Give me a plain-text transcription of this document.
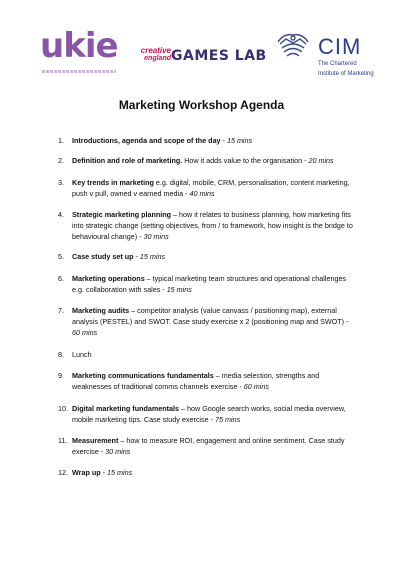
ukie	creative
england GAMES LAB CIM
The Chartered
Institute of Marketing
Marketing Workshop Agenda
1.	Introductions, agenda and scope of the day - 15 mins
2.	Definition and role of marketing. How it adds value to the organisation - 20 mins
3.	Key trends in marketing e.g. digital, mobile, CRM, personalisation, content marketing, push v pull, owned v earned media - 40 mins
4.	Strategic marketing planning – how it relates to business planning, how marketing fits into strategic change (setting objectives, from / to framework, how insight is the bridge to behavioural change) - 30 mins
5.	Case study set up - 15 mins
6.	Marketing operations – typical marketing team structures and operational challenges e.g. collaboration with sales - 15 mins
7.	Marketing audits – competitor analysis (value canvass / positioning map), external analysis (PESTEL) and SWOT. Case study exercise x 2 (positioning map and SWOT) - 60 mins
8.	Lunch
9.	Marketing communications fundamentals – media selection, strengths and weaknesses of traditional comms channels exercise - 60 mins
10. Digital marketing fundamentals – how Google search works, social media overview, mobile marketing tips. Case study exercise - 75 mins
11. Measurement – how to measure ROI, engagement and online sentiment. Case study exercise - 30 mins
12. Wrap up - 15 mins
